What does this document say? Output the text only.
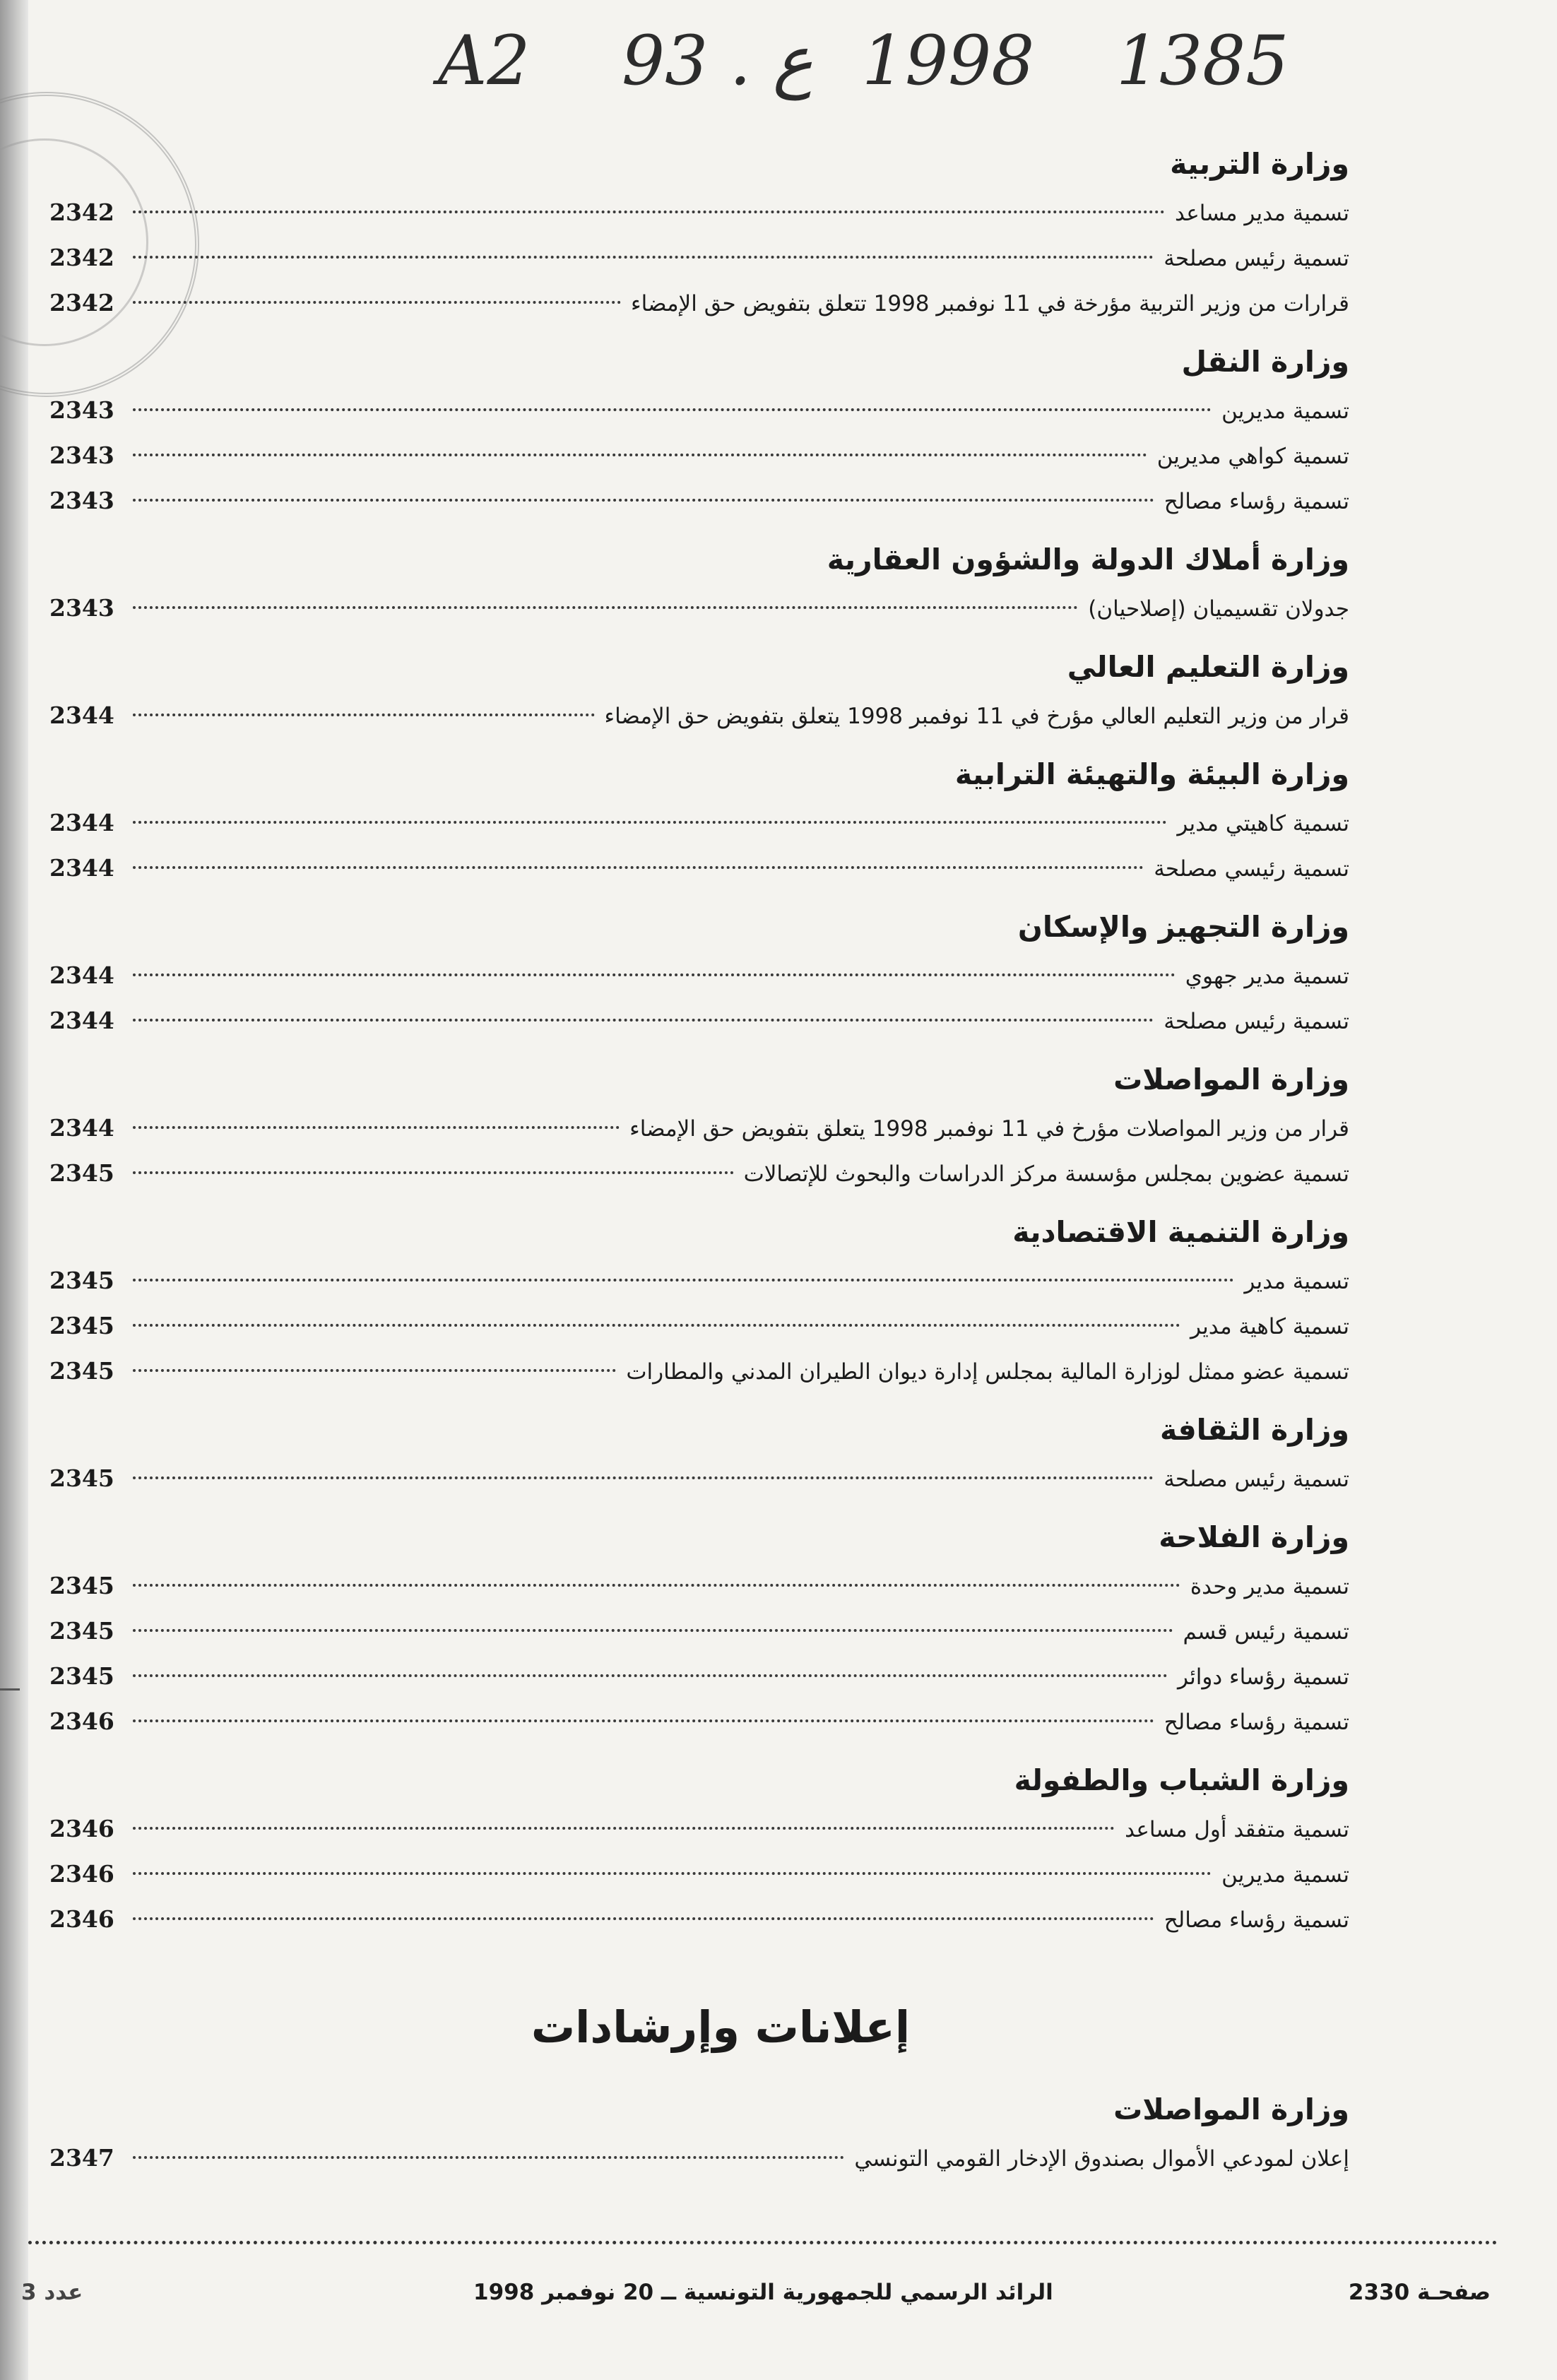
A2 93 . ع 1998 1385
وزارة التربية
2342	تسمية مدير مساعد
2342	تسمية رئيس مصلحة
2342	قرارات من وزير التربية مؤرخة في 11 نوفمبر 1998 تتعلق بتفويض حق الإمضاء
وزارة النقل
2343	تسمية مديرين
2343	تسمية كواهي مديرين
2343	تسمية رؤساء مصالح
وزارة أملاك الدولة والشؤون العقارية
2343	جدولان تقسيميان (إصلاحيان)
وزارة التعليم العالي
2344	قرار من وزير التعليم العالي مؤرخ في 11 نوفمبر 1998 يتعلق بتفويض حق الإمضاء
وزارة البيئة والتهيئة الترابية
2344	تسمية كاهيتي مدير
2344	تسمية رئيسي مصلحة
وزارة التجهيز والإسكان
2344	تسمية مدير جهوي
2344	تسمية رئيس مصلحة
وزارة المواصلات
2344	قرار من وزير المواصلات مؤرخ في 11 نوفمبر 1998 يتعلق بتفويض حق الإمضاء
2345	تسمية عضوين بمجلس مؤسسة مركز الدراسات والبحوث للإتصالات
وزارة التنمية الاقتصادية
2345	تسمية مدير
2345	تسمية كاهية مدير
2345	تسمية عضو ممثل لوزارة المالية بمجلس إدارة ديوان الطيران المدني والمطارات
وزارة الثقافة
2345	تسمية رئيس مصلحة
وزارة الفلاحة
2345	تسمية مدير وحدة
2345	تسمية رئيس قسم
2345	تسمية رؤساء دوائر
2346	تسمية رؤساء مصالح
وزارة الشباب والطفولة
2346	تسمية متفقد أول مساعد
2346	تسمية مديرين
2346	تسمية رؤساء مصالح
إعلانات وإرشادات
وزارة المواصلات
2347	إعلان لمودعي الأموال بصندوق الإدخار القومي التونسي
صفحـة 2330
الرائد الرسمي للجمهورية التونسية ــ 20 نوفمبر 1998
عدد 3
